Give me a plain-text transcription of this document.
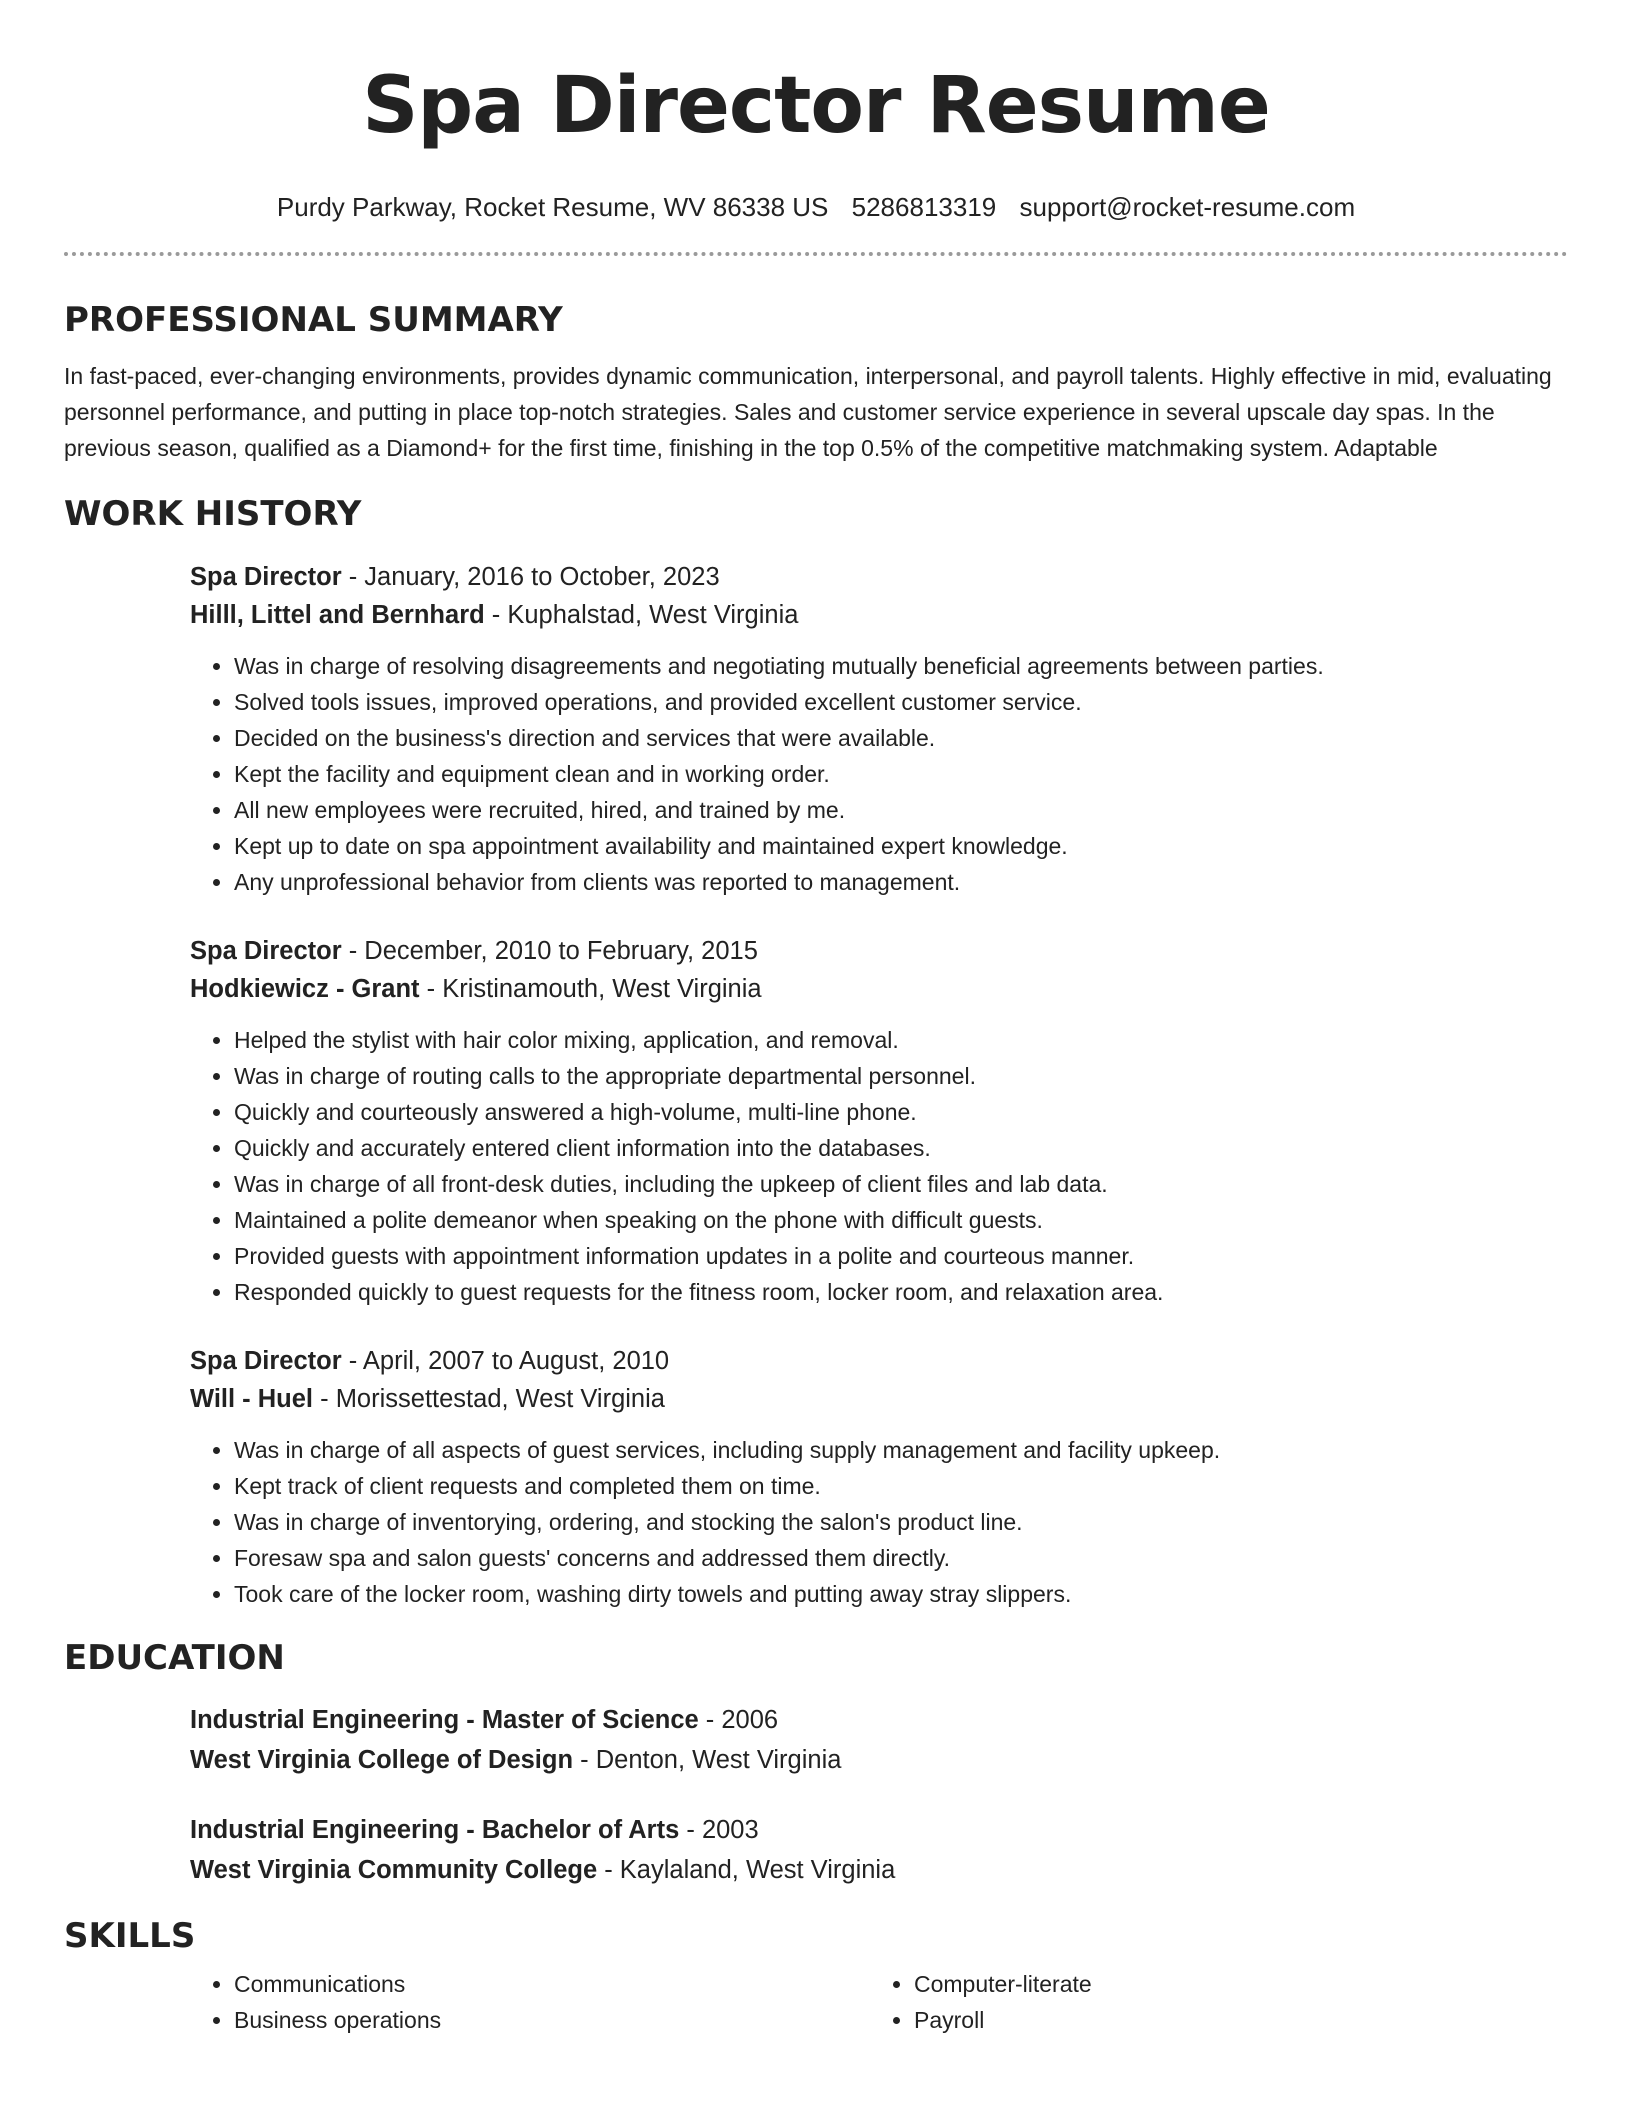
Spa Director Resume
Purdy Parkway, Rocket Resume, WV 86338 US 5286813319 support@rocket-resume.com
PROFESSIONAL SUMMARY

In fast-paced, ever-changing environments, provides dynamic communication, interpersonal, and payroll talents. Highly effective in mid, evaluating personnel performance, and putting in place top-notch strategies. Sales and customer service experience in several upscale day spas. In the previous season, qualified as a Diamond+ for the first time, finishing in the top 0.5% of the competitive matchmaking system. Adaptable

WORK HISTORY

Spa Director - January, 2016 to October, 2023

Hilll, Littel and Bernhard - Kuphalstad, West Virginia

• Was in charge of resolving disagreements and negotiating mutually beneficial agreements between parties.
• Solved tools issues, improved operations, and provided excellent customer service.
• Decided on the business's direction and services that were available.
• Kept the facility and equipment clean and in working order.
• All new employees were recruited, hired, and trained by me.
• Kept up to date on spa appointment availability and maintained expert knowledge.
• Any unprofessional behavior from clients was reported to management.

Spa Director - December, 2010 to February, 2015

Hodkiewicz - Grant - Kristinamouth, West Virginia

• Helped the stylist with hair color mixing, application, and removal.
• Was in charge of routing calls to the appropriate departmental personnel.
• Quickly and courteously answered a high-volume, multi-line phone.
• Quickly and accurately entered client information into the databases.
• Was in charge of all front-desk duties, including the upkeep of client files and lab data.
• Maintained a polite demeanor when speaking on the phone with difficult guests.
• Provided guests with appointment information updates in a polite and courteous manner.
• Responded quickly to guest requests for the fitness room, locker room, and relaxation area.

Spa Director - April, 2007 to August, 2010

Will - Huel - Morissettestad, West Virginia

• Was in charge of all aspects of guest services, including supply management and facility upkeep.
• Kept track of client requests and completed them on time.
• Was in charge of inventorying, ordering, and stocking the salon's product line.
• Foresaw spa and salon guests' concerns and addressed them directly.
• Took care of the locker room, washing dirty towels and putting away stray slippers.
EDUCATION

Industrial Engineering - Master of Science - 2006

West Virginia College of Design - Denton, West Virginia

Industrial Engineering - Bachelor of Arts - 2003

West Virginia Community College - Kaylaland, West Virginia

SKILLS
• Communications
• Business operations
• Computer-literate
• Payroll
